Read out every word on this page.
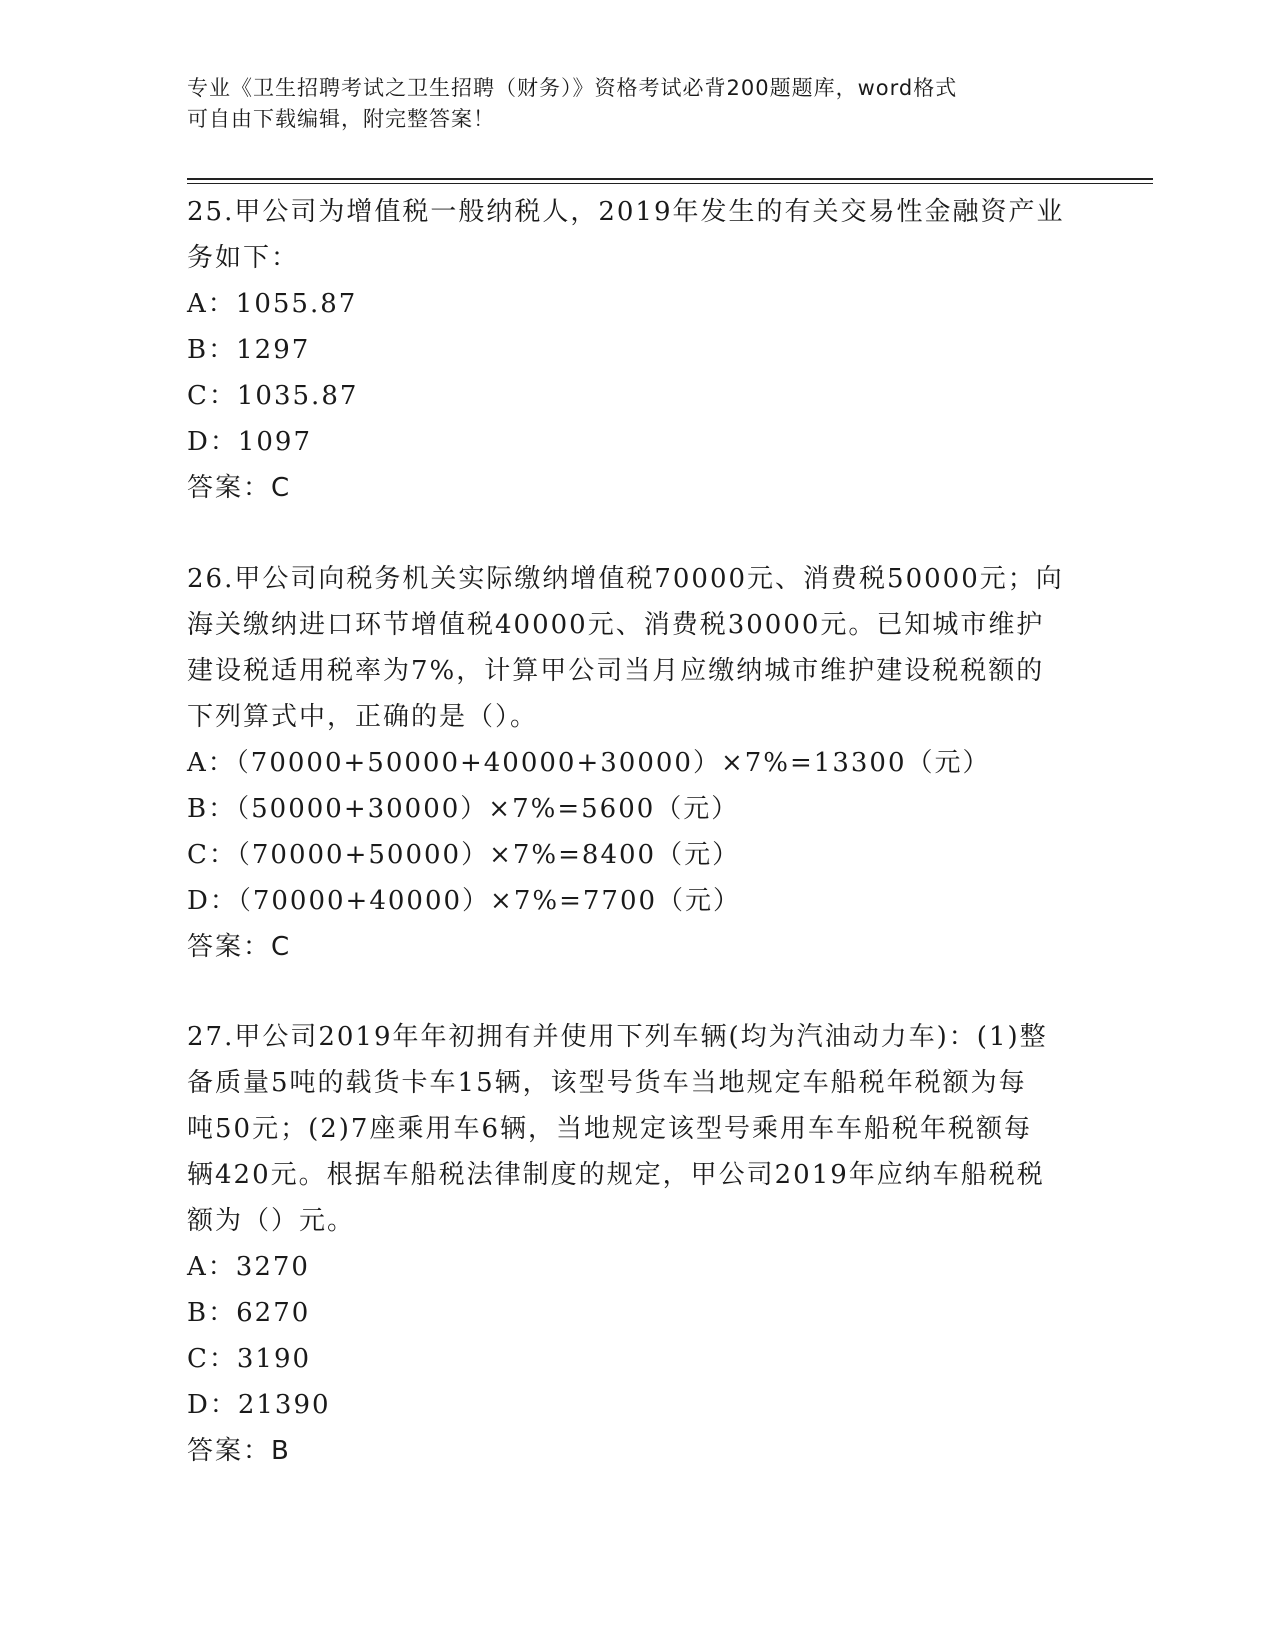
专业《卫生招聘考试之卫生招聘（财务）》资格考试必背200题题库，word格式
可自由下载编辑，附完整答案！
25.甲公司为增值税一般纳税人，2019年发生的有关交易性金融资产业
务如下：
A：1055.87
B：1297
C：1035.87
D：1097
答案：C
26.甲公司向税务机关实际缴纳增值税70000元、消费税50000元；向
海关缴纳进口环节增值税40000元、消费税30000元。已知城市维护
建设税适用税率为7%，计算甲公司当月应缴纳城市维护建设税税额的
下列算式中，正确的是（）。
A：（70000+50000+40000+30000）×7%=13300（元）
B：（50000+30000）×7%=5600（元）
C：（70000+50000）×7%=8400（元）
D：（70000+40000）×7%=7700（元）
答案：C
27.甲公司2019年年初拥有并使用下列车辆(均为汽油动力车)：(1)整
备质量5吨的载货卡车15辆，该型号货车当地规定车船税年税额为每
吨50元；(2)7座乘用车6辆，当地规定该型号乘用车车船税年税额每
辆420元。根据车船税法律制度的规定，甲公司2019年应纳车船税税
额为（）元。
A：3270
B：6270
C：3190
D：21390
答案：B
